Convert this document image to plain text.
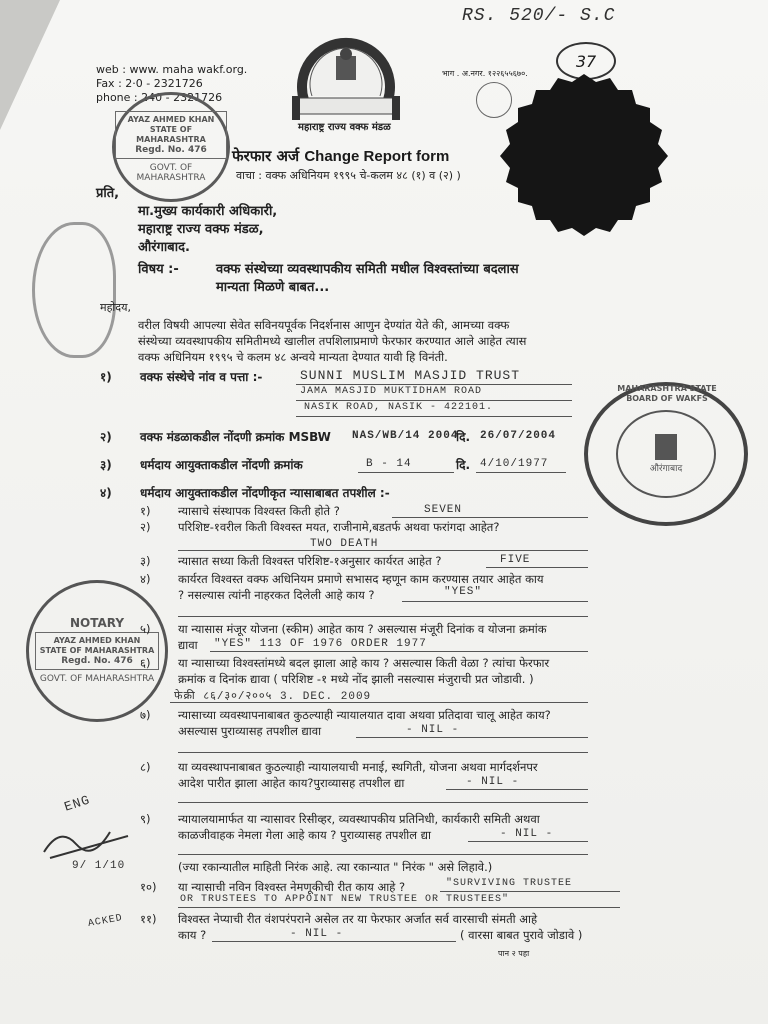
web : www. maha wakf.org.
Fax : 2·0 - 2321726
phone : 240 - 2321726
RS. 520/- S.C
37
भाग . अ.नगर. १२२६५५६७०.
महाराष्ट्र राज्य वक्फ मंडळ
AYAZ AHMED KHAN
STATE OF MAHARASHTRA
Regd. No. 476
GOVT. OF MAHARASHTRA
फेरफार अर्ज Change Report form
वाचा : वक्फ अधिनियम १९९५ चे-कलम ४८ (१) व (२) )
प्रति,
मा.मुख्य कार्यकारी अधिकारी,
महाराष्ट्र राज्य वक्फ मंडळ,
औरंगाबाद.
विषय :-	वक्फ संस्थेच्या व्यवस्थापकीय समिती मधील विश्वस्तांच्या बदलास
मान्यता मिळणे बाबत...
महोदय,
वरील विषयी आपल्या सेवेत सविनयपूर्वक निदर्शनास आणुन देण्यांत येते की, आमच्या वक्फ
संस्थेच्या व्यवस्थापकीय समितीमध्ये खालील तपशिलाप्रमाणे फेरफार करण्यात आले आहेत त्यास
वक्फ अधिनियम १९९५ चे कलम ४८ अन्वये मान्यता देण्यात यावी हि विनंती.
१) वक्फ संस्थेचे नांव व पत्ता :-	SUNNI MUSLIM MASJID TRUST
JAMA MASJID MUKTIDHAM ROAD
NASIK ROAD, NASIK - 422101.
औरंगाबाद
MAHARASHTRA STATE BOARD OF WAKFS
२) वक्फ मंडळाकडील नोंदणी क्रमांक MSBW NAS/WB/14 2004
दि. 26/07/2004
३) धर्मदाय आयुक्ताकडील नोंदणी क्रमांक	B - 14	दि. 4/10/1977
४) धर्मदाय आयुक्ताकडील नोंदणीकृत न्यासाबाबत तपशील :-
१) न्यासाचे संस्थापक विश्वस्त किती होते ?	SEVEN
२) परिशिष्ट-१वरील किती विश्वस्त मयत, राजीनामे,बडतर्फ अथवा फरांगदा आहेत?
TWO DEATH
३) न्यासात सध्या किती विश्वस्त परिशिष्ट-१अनुसार कार्यरत आहेत ?	FIVE
४) कार्यरत विश्वस्त वक्फ अधिनियम प्रमाणे सभासद म्हणून काम करण्यास तयार आहेत काय
? नसल्यास त्यांनी नाहरकत दिलेली आहे काय ?	"YES"
NOTARY
AYAZ AHMED KHAN
STATE OF MAHARASHTRA
Regd. No. 476
GOVT. OF MAHARASHTRA
५) या न्यासास मंजूर योजना (स्कीम) आहेत काय ? असल्यास मंजूरी दिनांक व योजना क्रमांक
द्यावा "YES" 113 OF 1976 ORDER 1977
६) या न्यासाच्या विश्वस्तांमध्ये बदल झाला आहे काय ? असल्यास किती वेळा ? त्यांचा फेरफार
क्रमांक व दिनांक द्यावा ( परिशिष्ट -१ मध्ये नोंद झाली नसल्यास मंजुराची प्रत जोडावी. )
फेक्री ८६/३०/२००५ 3. DEC. 2009
७) न्यासाच्या व्यवस्थापनाबाबत कुठल्याही न्यायालयात दावा अथवा प्रतिदावा चालू आहेत काय?
असल्यास पुराव्यासह तपशील द्यावा	- NIL -
८) या व्यवस्थापनाबाबत कुठल्याही न्यायालयाची मनाई, स्थगिती, योजना अथवा मार्गदर्शनपर
आदेश पारीत झाला आहेत काय?पुराव्यासह तपशील द्या	- NIL -
९) न्यायालयामार्फत या न्यासावर रिसीव्हर, व्यवस्थापकीय प्रतिनिधी, कार्यकारी समिती अथवा
काळजीवाहक नेमला गेला आहे काय ? पुराव्यासह तपशील द्या	- NIL -
(ज्या रकान्यातील माहिती निरंक आहे. त्या रकान्यात " निरंक " असे लिहावे.)
१०) या न्यासाची नविन विश्वस्त नेमणूकीची रीत काय आहे ?	"SURVIVING TRUSTEE
OR TRUSTEES TO APPOINT NEW TRUSTEE OR TRUSTEES"
११) विश्वस्त नेप्याची रीत वंशपरंपराने असेल तर या फेरफार अर्जात सर्व वारसाची संमती आहे
काय ?	- NIL -	( वारसा बाबत पुरावे जोडावे )
पान २ पहा
ENG
9/ 1/10
ACKED
